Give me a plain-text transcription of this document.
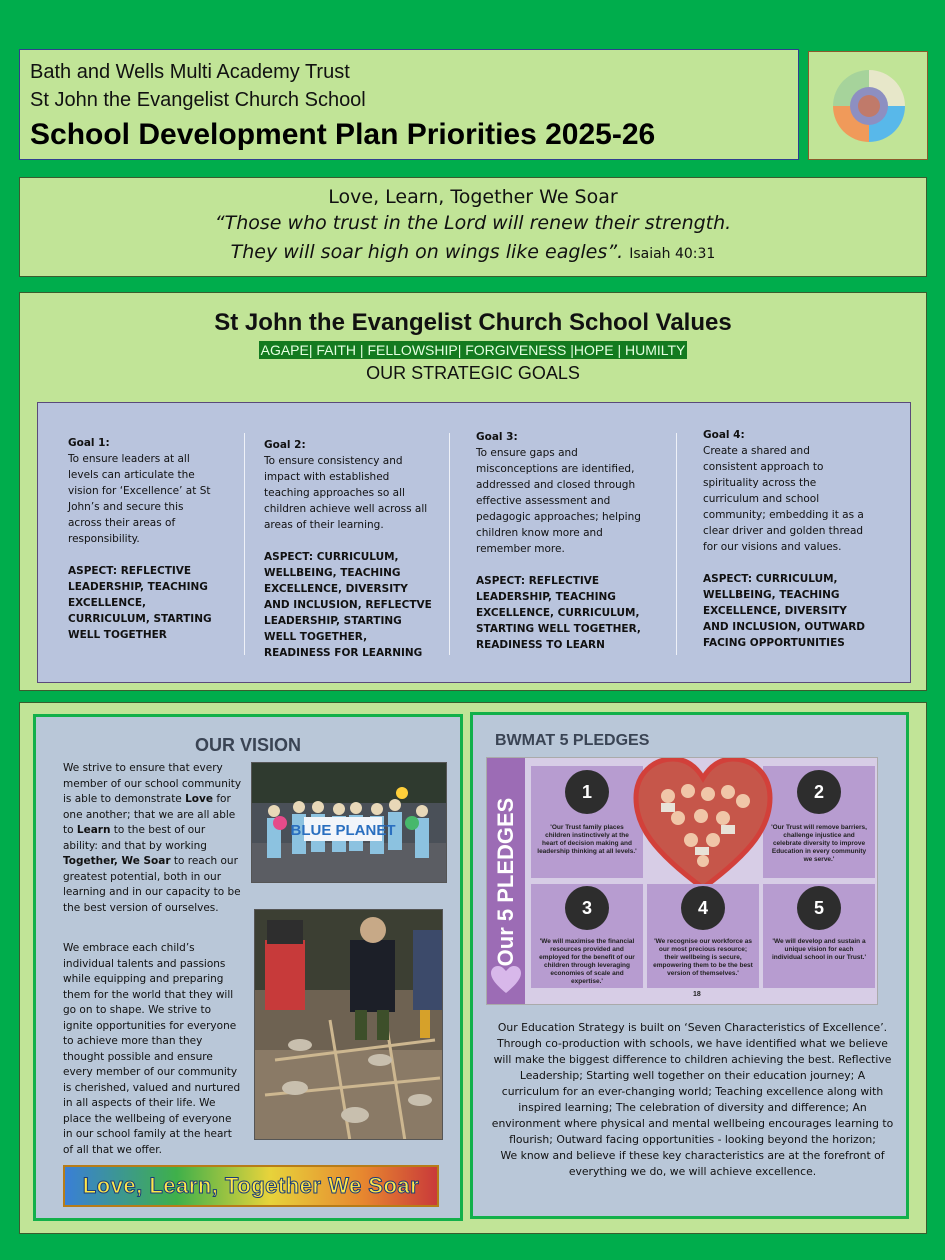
Bath and Wells Multi Academy Trust
St John the Evangelist Church School
School Development Plan Priorities 2025-26
Love, Learn, Together We Soar
“Those who trust in the Lord will renew their strength.
They will soar high on wings like eagles”. Isaiah 40:31
St John the Evangelist Church School Values
AGAPE| FAITH | FELLOWSHIP| FORGIVENESS |HOPE | HUMILTY
OUR STRATEGIC GOALS
Goal 1:
To ensure leaders at all levels can articulate the vision for ‘Excellence’ at St John’s and secure this across their areas of responsibility.
ASPECT: REFLECTIVE LEADERSHIP, TEACHING EXCELLENCE, CURRICULUM, STARTING WELL TOGETHER
Goal 2:
To ensure consistency and impact with established teaching approaches so all children achieve well across all areas of their learning.
ASPECT: CURRICULUM, WELLBEING, TEACHING EXCELLENCE, DIVERSITY AND INCLUSION, REFLECTVE LEADERSHIP, STARTING WELL TOGETHER, READINESS FOR LEARNING
Goal 3:
To ensure gaps and misconceptions are identified, addressed and closed through effective assessment and pedagogic approaches; helping children know more and remember more.
ASPECT: REFLECTIVE LEADERSHIP, TEACHING EXCELLENCE, CURRICULUM, STARTING WELL TOGETHER, READINESS TO LEARN
Goal 4:
Create a shared and consistent approach to spirituality across the curriculum and school community; embedding it as a clear driver and golden thread for our visions and values.
ASPECT: CURRICULUM, WELLBEING, TEACHING EXCELLENCE, DIVERSITY AND INCLUSION, OUTWARD FACING OPPORTUNITIES
OUR VISION
We strive to ensure that every member of our school community is able to demonstrate Love for one another; that we are all able to Learn to the best of our ability: and that by working Together, We Soar to reach our greatest potential, both in our learning and in our capacity to be the best version of ourselves.
We embrace each child’s individual talents and passions while equipping and preparing them for the world that they will go on to shape. We strive to ignite opportunities for everyone to achieve more than they thought possible and ensure every member of our community is cherished, valued and nurtured in all aspects of their life. We place the wellbeing of everyone in our school family at the heart of all that we offer.
BLUE PLANET
Love, Learn, Together We Soar
BWMAT 5 PLEDGES
Our 5 PLEDGES
1
'Our Trust family places children instinctively at the heart of decision making and leadership thinking at all levels.'
2
'Our Trust will remove barriers, challenge injustice and celebrate diversity to improve Education in every community we serve.'
3
'We will maximise the financial resources provided and employed for the benefit of our children through leveraging economies of scale and expertise.'
4
'We recognise our workforce as our most precious resource; their wellbeing is secure, empowering them to be the best version of themselves.'
5
'We will develop and sustain a unique vision for each individual school in our Trust.'
18
Our Education Strategy is built on ‘Seven Characteristics of Excellence’. Through co-production with schools, we have identified what we believe will make the biggest difference to children achieving the best. Reflective Leadership; Starting well together on their education journey; A curriculum for an ever-changing world; Teaching excellence along with inspired learning; The celebration of diversity and difference; An environment where physical and mental wellbeing encourages learning to flourish; Outward facing opportunities - looking beyond the horizon;
We know and believe if these key characteristics are at the forefront of everything we do, we will achieve excellence.
